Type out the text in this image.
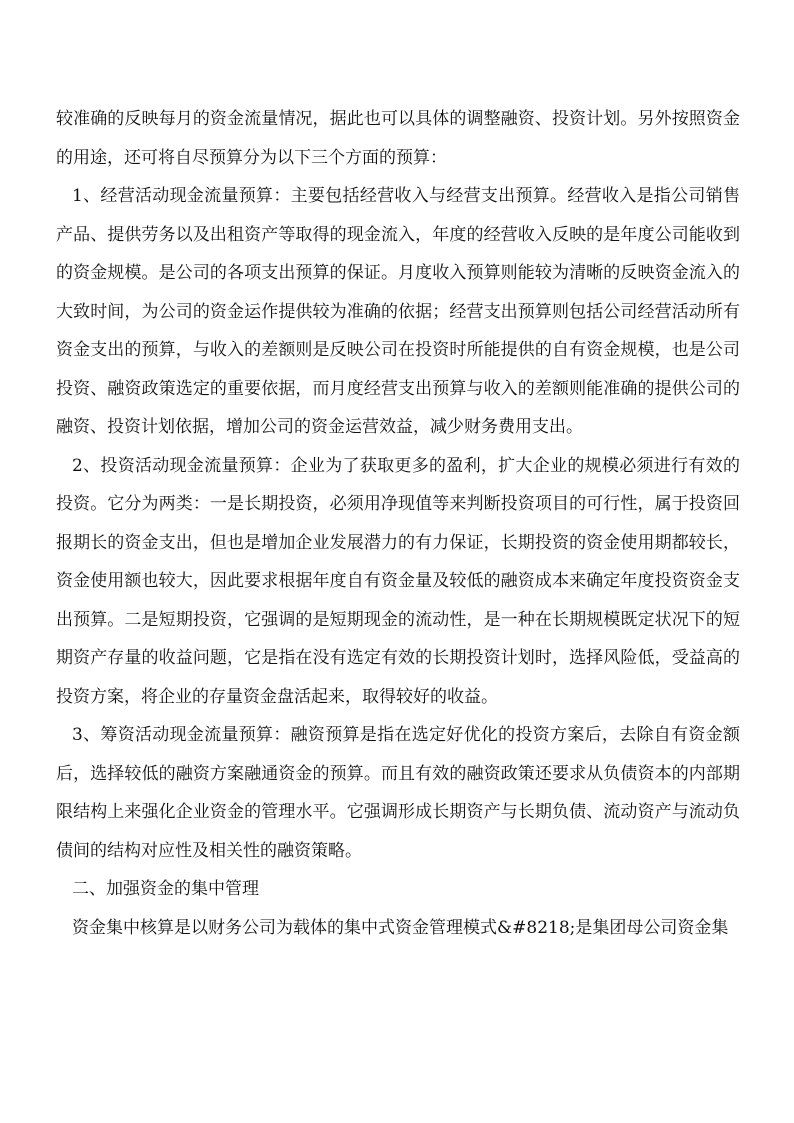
较准确的反映每月的资金流量情况，据此也可以具体的调整融资、投资计划。另外按照资金的用途，还可将自尽预算分为以下三个方面的预算：

1、经营活动现金流量预算：主要包括经营收入与经营支出预算。经营收入是指公司销售产品、提供劳务以及出租资产等取得的现金流入，年度的经营收入反映的是年度公司能收到的资金规模。是公司的各项支出预算的保证。月度收入预算则能较为清晰的反映资金流入的大致时间，为公司的资金运作提供较为准确的依据；经营支出预算则包括公司经营活动所有资金支出的预算，与收入的差额则是反映公司在投资时所能提供的自有资金规模，也是公司投资、融资政策选定的重要依据，而月度经营支出预算与收入的差额则能准确的提供公司的融资、投资计划依据，增加公司的资金运营效益，减少财务费用支出。

2、投资活动现金流量预算：企业为了获取更多的盈利，扩大企业的规模必须进行有效的投资。它分为两类：一是长期投资，必须用净现值等来判断投资项目的可行性，属于投资回报期长的资金支出，但也是增加企业发展潜力的有力保证，长期投资的资金使用期都较长，资金使用额也较大，因此要求根据年度自有资金量及较低的融资成本来确定年度投资资金支出预算。二是短期投资，它强调的是短期现金的流动性，是一种在长期规模既定状况下的短期资产存量的收益问题，它是指在没有选定有效的长期投资计划时，选择风险低，受益高的投资方案，将企业的存量资金盘活起来，取得较好的收益。

3、筹资活动现金流量预算：融资预算是指在选定好优化的投资方案后，去除自有资金额后，选择较低的融资方案融通资金的预算。而且有效的融资政策还要求从负债资本的内部期限结构上来强化企业资金的管理水平。它强调形成长期资产与长期负债、流动资产与流动负债间的结构对应性及相关性的融资策略。

二、加强资金的集中管理

资金集中核算是以财务公司为载体的集中式资金管理模式&#8218;是集团母公司资金集
